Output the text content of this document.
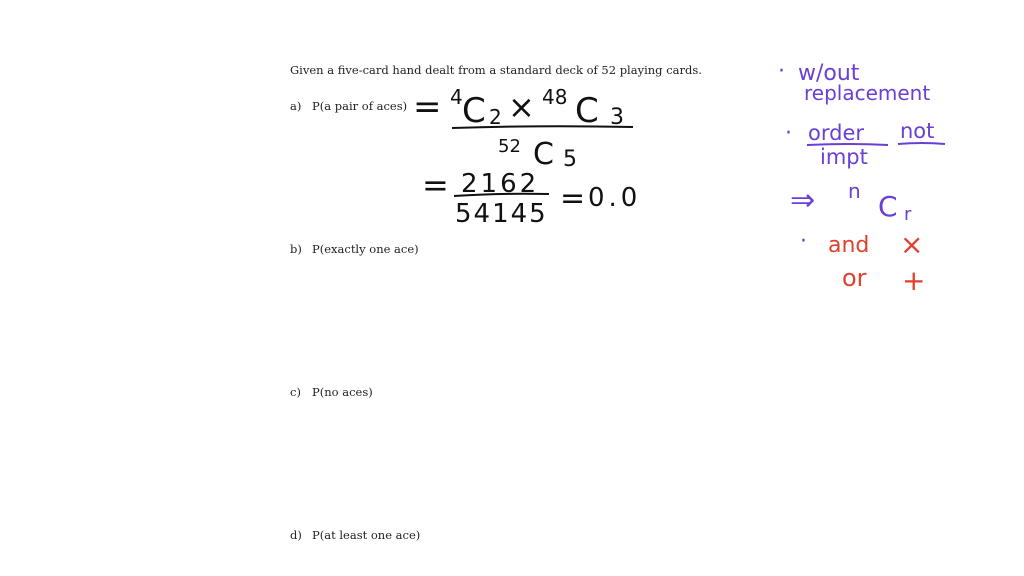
Given a five-card hand dealt from a standard deck of 52 playing cards.
a) P(a pair of aces)
b) P(exactly one ace)
c) P(no aces)
d) P(at least one ace)
= 4 C 2 × 48 C 3
52 C 5
= 2162
54145 = 0.0
· w/out
replacement
· order not
impt
⇒ n C r
· and ×
or +
